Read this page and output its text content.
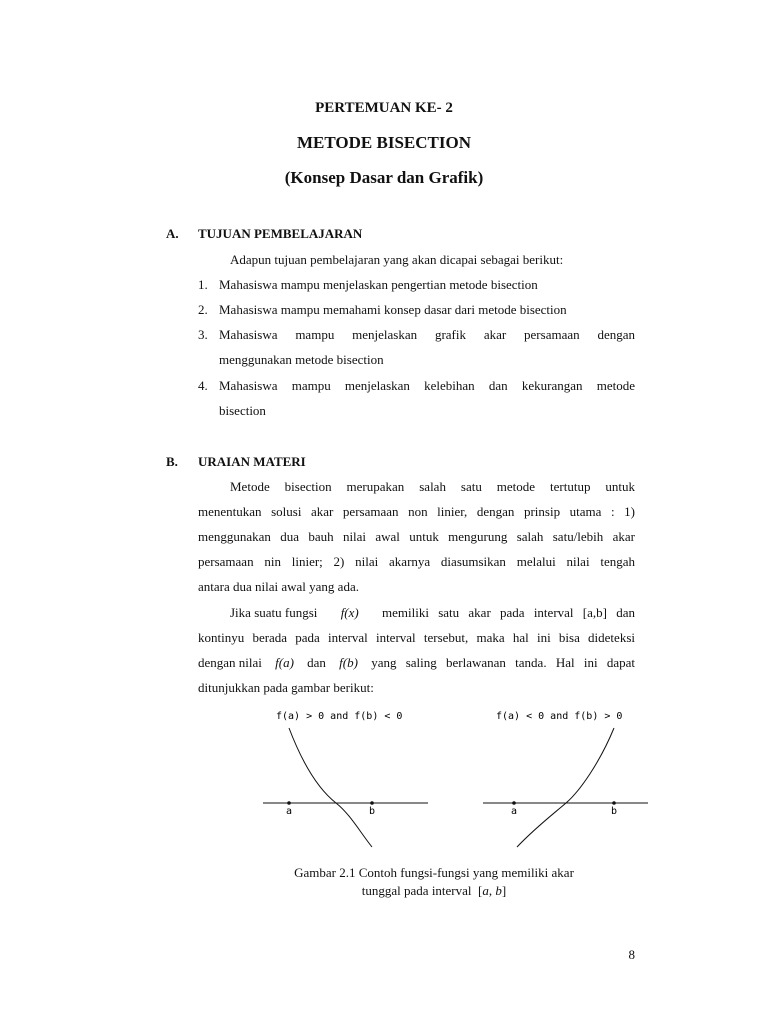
PERTEMUAN KE- 2
METODE BISECTION
(Konsep Dasar dan Grafik)
A. TUJUAN PEMBELAJARAN
Adapun tujuan pembelajaran yang akan dicapai sebagai berikut:
1. Mahasiswa mampu menjelaskan pengertian metode bisection
2. Mahasiswa mampu memahami konsep dasar dari metode bisection
3. Mahasiswa mampu menjelaskan grafik akar persamaan dengan
menggunakan metode bisection
4. Mahasiswa mampu menjelaskan kelebihan dan kekurangan metode
bisection
B. URAIAN MATERI
Metode bisection merupakan salah satu metode tertutup untuk
menentukan solusi akar persamaan non linier, dengan prinsip utama : 1)
menggunakan dua bauh nilai awal untuk mengurung salah satu/lebih akar
persamaan nin linier; 2) nilai akarnya diasumsikan melalui nilai tengah
antara dua nilai awal yang ada.
Jika suatu fungsi f(x) memiliki satu akar pada interval [a,b] dan
kontinyu berada pada interval interval tersebut, maka hal ini bisa dideteksi
dengan nilai f(a) dan f(b) yang saling berlawanan tanda. Hal ini dapat
ditunjukkan pada gambar berikut:
f(a) > 0 and f(b) < 0
a	b
f(a) < 0 and f(b) > 0
a	b
Gambar 2.1 Contoh fungsi-fungsi yang memiliki akar
tunggal pada interval [a, b]
8
